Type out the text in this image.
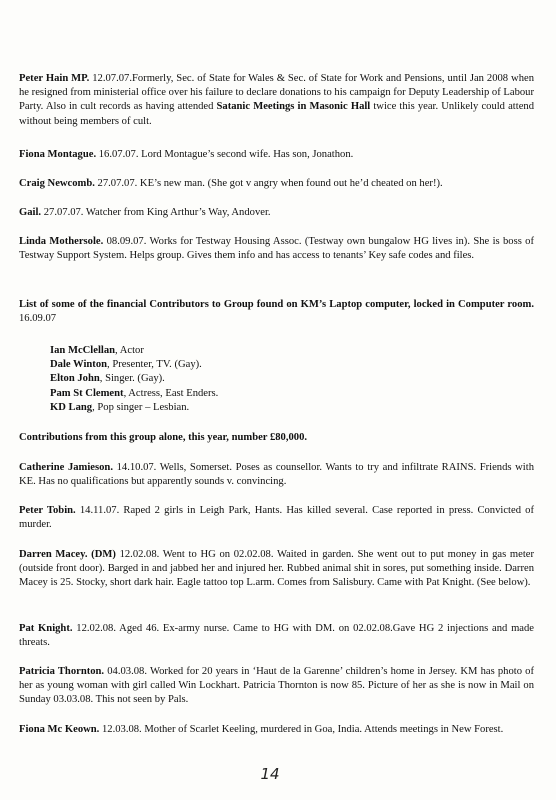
Peter Hain MP. 12.07.07.Formerly, Sec. of State for Wales & Sec. of State for Work and Pensions, until Jan 2008 when he resigned from ministerial office over his failure to declare donations to his campaign for Deputy Leadership of Labour Party. Also in cult records as having attended Satanic Meetings in Masonic Hall twice this year. Unlikely could attend without being members of cult.

Fiona Montague. 16.07.07. Lord Montague’s second wife. Has son, Jonathon.

Craig Newcomb. 27.07.07. KE’s new man. (She got v angry when found out he’d cheated on her!).

Gail. 27.07.07. Watcher from King Arthur’s Way, Andover.

Linda Mothersole. 08.09.07. Works for Testway Housing Assoc. (Testway own bungalow HG lives in). She is boss of Testway Support System. Helps group. Gives them info and has access to tenants’ Key safe codes and files.

List of some of the financial Contributors to Group found on KM’s Laptop computer, locked in Computer room. 16.09.07

Ian McClellan, Actor
Dale Winton, Presenter, TV. (Gay).
Elton John, Singer. (Gay).
Pam St Clement, Actress, East Enders.
KD Lang, Pop singer – Lesbian.

Contributions from this group alone, this year, number £80,000.

Catherine Jamieson. 14.10.07. Wells, Somerset. Poses as counsellor. Wants to try and infiltrate RAINS. Friends with KE. Has no qualifications but apparently sounds v. convincing.

Peter Tobin. 14.11.07. Raped 2 girls in Leigh Park, Hants. Has killed several. Case reported in press. Convicted of murder.

Darren Macey. (DM) 12.02.08. Went to HG on 02.02.08. Waited in garden. She went out to put money in gas meter (outside front door). Barged in and jabbed her and injured her. Rubbed animal shit in sores, put something inside. Darren Macey is 25. Stocky, short dark hair. Eagle tattoo top L.arm. Comes from Salisbury. Came with Pat Knight. (See below).

Pat Knight. 12.02.08. Aged 46. Ex-army nurse. Came to HG with DM. on 02.02.08.Gave HG 2 injections and made threats.

Patricia Thornton. 04.03.08. Worked for 20 years in ‘Haut de la Garenne’ children’s home in Jersey. KM has photo of her as young woman with girl called Win Lockhart. Patricia Thornton is now 85. Picture of her as she is now in Mail on Sunday 03.03.08. This not seen by Pals.

Fiona Mc Keown. 12.03.08. Mother of Scarlet Keeling, murdered in Goa, India. Attends meetings in New Forest.

14
